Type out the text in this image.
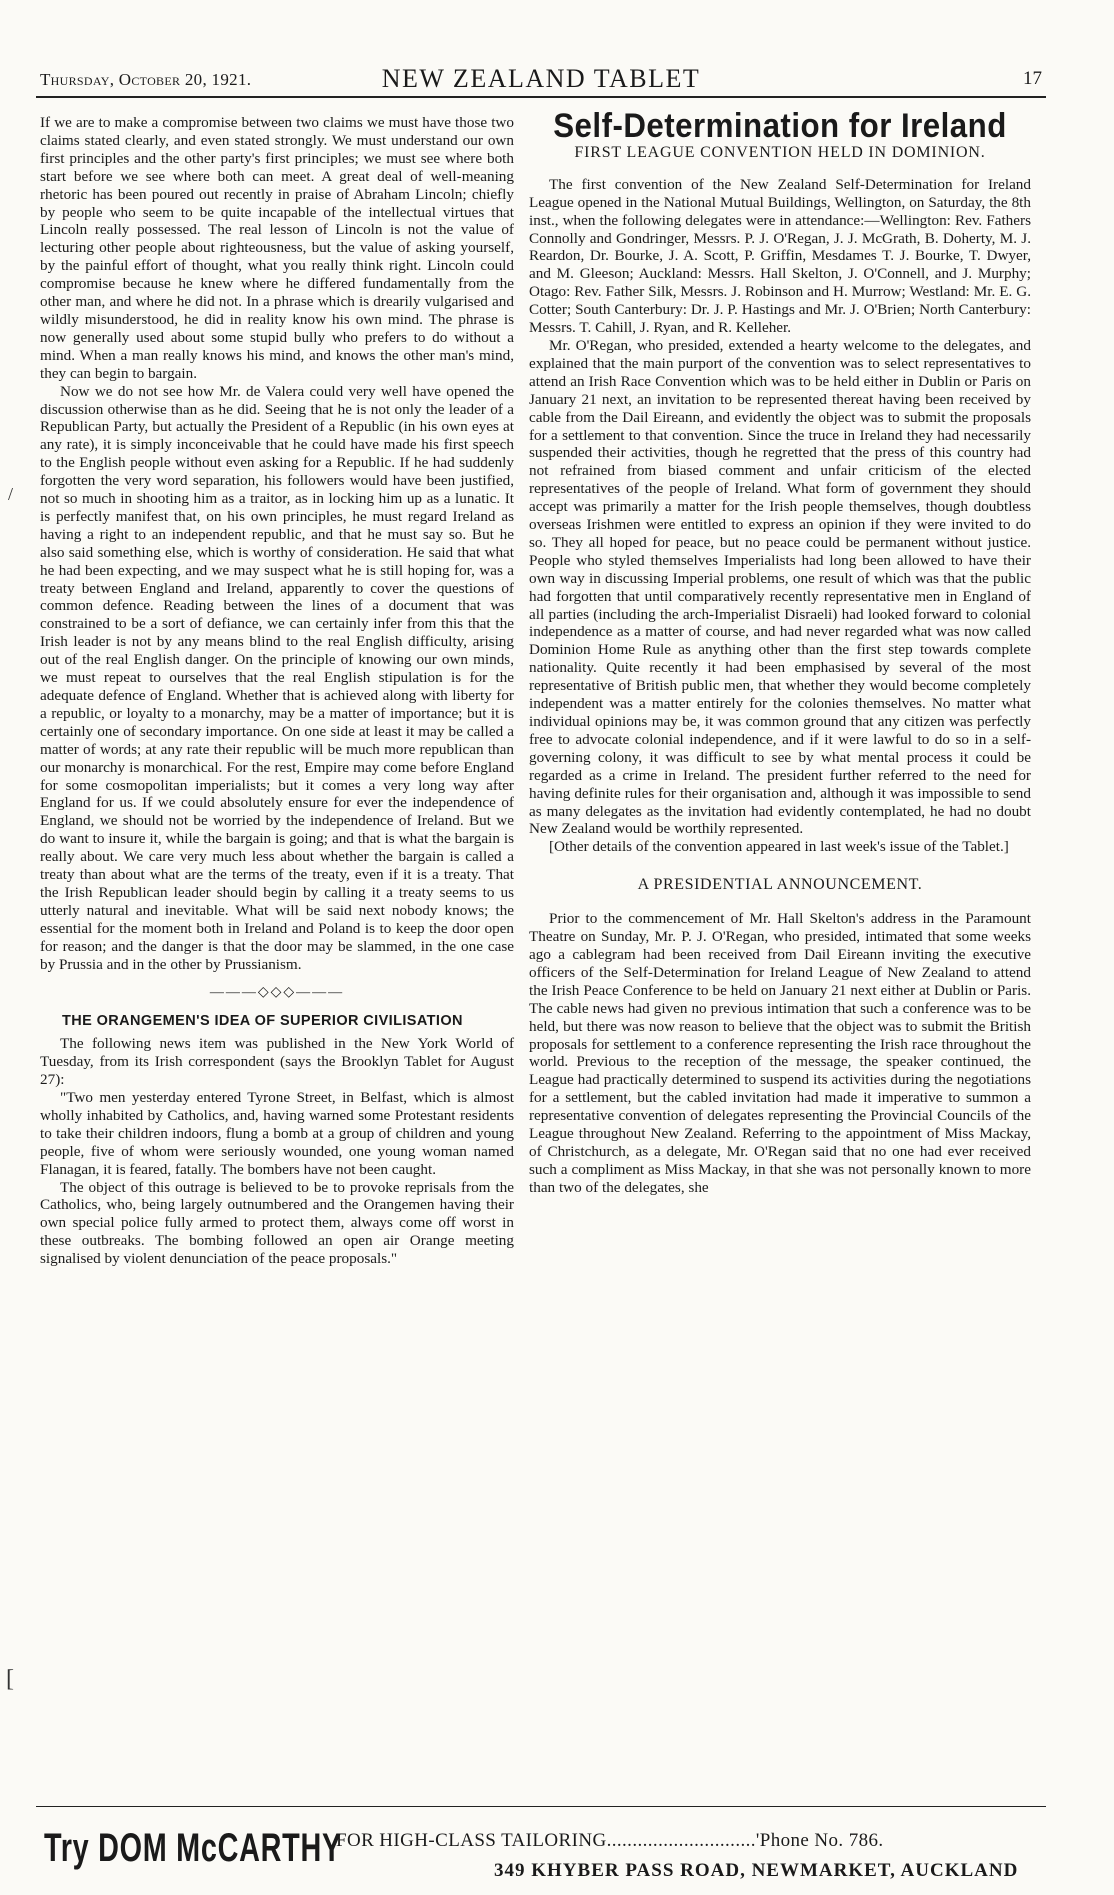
Thursday, October 20, 1921.	NEW ZEALAND TABLET	17
/
[

If we are to make a compromise between two claims we must have those two claims stated clearly, and even stated strongly. We must understand our own first principles and the other party's first principles; we must see where both start before we see where both can meet. A great deal of well-meaning rhetoric has been poured out recently in praise of Abraham Lincoln; chiefly by people who seem to be quite incapable of the intellectual virtues that Lincoln really possessed. The real lesson of Lincoln is not the value of lecturing other people about righteousness, but the value of asking yourself, by the painful effort of thought, what you really think right. Lincoln could compromise because he knew where he differed fundamentally from the other man, and where he did not. In a phrase which is drearily vulgarised and wildly misunderstood, he did in reality know his own mind. The phrase is now generally used about some stupid bully who prefers to do without a mind. When a man really knows his mind, and knows the other man's mind, they can begin to bargain.

Now we do not see how Mr. de Valera could very well have opened the discussion otherwise than as he did. Seeing that he is not only the leader of a Republican Party, but actually the President of a Republic (in his own eyes at any rate), it is simply inconceivable that he could have made his first speech to the English people without even asking for a Republic. If he had suddenly forgotten the very word separation, his followers would have been justified, not so much in shooting him as a traitor, as in locking him up as a lunatic. It is perfectly manifest that, on his own principles, he must regard Ireland as having a right to an independent republic, and that he must say so. But he also said something else, which is worthy of consideration. He said that what he had been expecting, and we may suspect what he is still hoping for, was a treaty between England and Ireland, apparently to cover the questions of common defence. Reading between the lines of a document that was constrained to be a sort of defiance, we can certainly infer from this that the Irish leader is not by any means blind to the real English difficulty, arising out of the real English danger. On the principle of knowing our own minds, we must repeat to ourselves that the real English stipulation is for the adequate defence of England. Whether that is achieved along with liberty for a republic, or loyalty to a monarchy, may be a matter of importance; but it is certainly one of secondary importance. On one side at least it may be called a matter of words; at any rate their republic will be much more republican than our monarchy is monarchical. For the rest, Empire may come before England for some cosmopolitan imperialists; but it comes a very long way after England for us. If we could absolutely ensure for ever the independence of England, we should not be worried by the independence of Ireland. But we do want to insure it, while the bargain is going; and that is what the bargain is really about. We care very much less about whether the bargain is called a treaty than about what are the terms of the treaty, even if it is a treaty. That the Irish Republican leader should begin by calling it a treaty seems to us utterly natural and inevitable. What will be said next nobody knows; the essential for the moment both in Ireland and Poland is to keep the door open for reason; and the danger is that the door may be slammed, in the one case by Prussia and in the other by Prussianism.

———◇◇◇———
THE ORANGEMEN'S IDEA OF SUPERIOR CIVILISATION

The following news item was published in the New York World of Tuesday, from its Irish correspondent (says the Brooklyn Tablet for August 27):

"Two men yesterday entered Tyrone Street, in Belfast, which is almost wholly inhabited by Catholics, and, having warned some Protestant residents to take their children indoors, flung a bomb at a group of children and young people, five of whom were seriously wounded, one young woman named Flanagan, it is feared, fatally. The bombers have not been caught.

The object of this outrage is believed to be to provoke reprisals from the Catholics, who, being largely outnumbered and the Orangemen having their own special police fully armed to protect them, always come off worst in these outbreaks. The bombing followed an open air Orange meeting signalised by violent denunciation of the peace proposals."

Self-Determination for Ireland
FIRST LEAGUE CONVENTION HELD IN DOMINION.

The first convention of the New Zealand Self-Determination for Ireland League opened in the National Mutual Buildings, Wellington, on Saturday, the 8th inst., when the following delegates were in attendance:—Wellington: Rev. Fathers Connolly and Gondringer, Messrs. P. J. O'Regan, J. J. McGrath, B. Doherty, M. J. Reardon, Dr. Bourke, J. A. Scott, P. Griffin, Mesdames T. J. Bourke, T. Dwyer, and M. Gleeson; Auckland: Messrs. Hall Skelton, J. O'Connell, and J. Murphy; Otago: Rev. Father Silk, Messrs. J. Robinson and H. Murrow; Westland: Mr. E. G. Cotter; South Canterbury: Dr. J. P. Hastings and Mr. J. O'Brien; North Canterbury: Messrs. T. Cahill, J. Ryan, and R. Kelleher.

Mr. O'Regan, who presided, extended a hearty welcome to the delegates, and explained that the main purport of the convention was to select representatives to attend an Irish Race Convention which was to be held either in Dublin or Paris on January 21 next, an invitation to be represented thereat having been received by cable from the Dail Eireann, and evidently the object was to submit the proposals for a settlement to that convention. Since the truce in Ireland they had necessarily suspended their activities, though he regretted that the press of this country had not refrained from biased comment and unfair criticism of the elected representatives of the people of Ireland. What form of government they should accept was primarily a matter for the Irish people themselves, though doubtless overseas Irishmen were entitled to express an opinion if they were invited to do so. They all hoped for peace, but no peace could be permanent without justice. People who styled themselves Imperialists had long been allowed to have their own way in discussing Imperial problems, one result of which was that the public had forgotten that until comparatively recently representative men in England of all parties (including the arch-Imperialist Disraeli) had looked forward to colonial independence as a matter of course, and had never regarded what was now called Dominion Home Rule as anything other than the first step towards complete nationality. Quite recently it had been emphasised by several of the most representative of British public men, that whether they would become completely independent was a matter entirely for the colonies themselves. No matter what individual opinions may be, it was common ground that any citizen was perfectly free to advocate colonial independence, and if it were lawful to do so in a self-governing colony, it was difficult to see by what mental process it could be regarded as a crime in Ireland. The president further referred to the need for having definite rules for their organisation and, although it was impossible to send as many delegates as the invitation had evidently contemplated, he had no doubt New Zealand would be worthily represented.

[Other details of the convention appeared in last week's issue of the Tablet.]

A PRESIDENTIAL ANNOUNCEMENT.

Prior to the commencement of Mr. Hall Skelton's address in the Paramount Theatre on Sunday, Mr. P. J. O'Regan, who presided, intimated that some weeks ago a cablegram had been received from Dail Eireann inviting the executive officers of the Self-Determination for Ireland League of New Zealand to attend the Irish Peace Conference to be held on January 21 next either at Dublin or Paris. The cable news had given no previous intimation that such a conference was to be held, but there was now reason to believe that the object was to submit the British proposals for settlement to a conference representing the Irish race throughout the world. Previous to the reception of the message, the speaker continued, the League had practically determined to suspend its activities during the negotiations for a settlement, but the cabled invitation had made it imperative to summon a representative convention of delegates representing the Provincial Councils of the League throughout New Zealand. Referring to the appointment of Miss Mackay, of Christchurch, as a delegate, Mr. O'Regan said that no one had ever received such a compliment as Miss Mackay, in that she was not personally known to more than two of the delegates, she

Try DOM McCARTHY
FOR HIGH-CLASS TAILORING.............................'Phone No. 786.
349 KHYBER PASS ROAD, NEWMARKET, AUCKLAND
